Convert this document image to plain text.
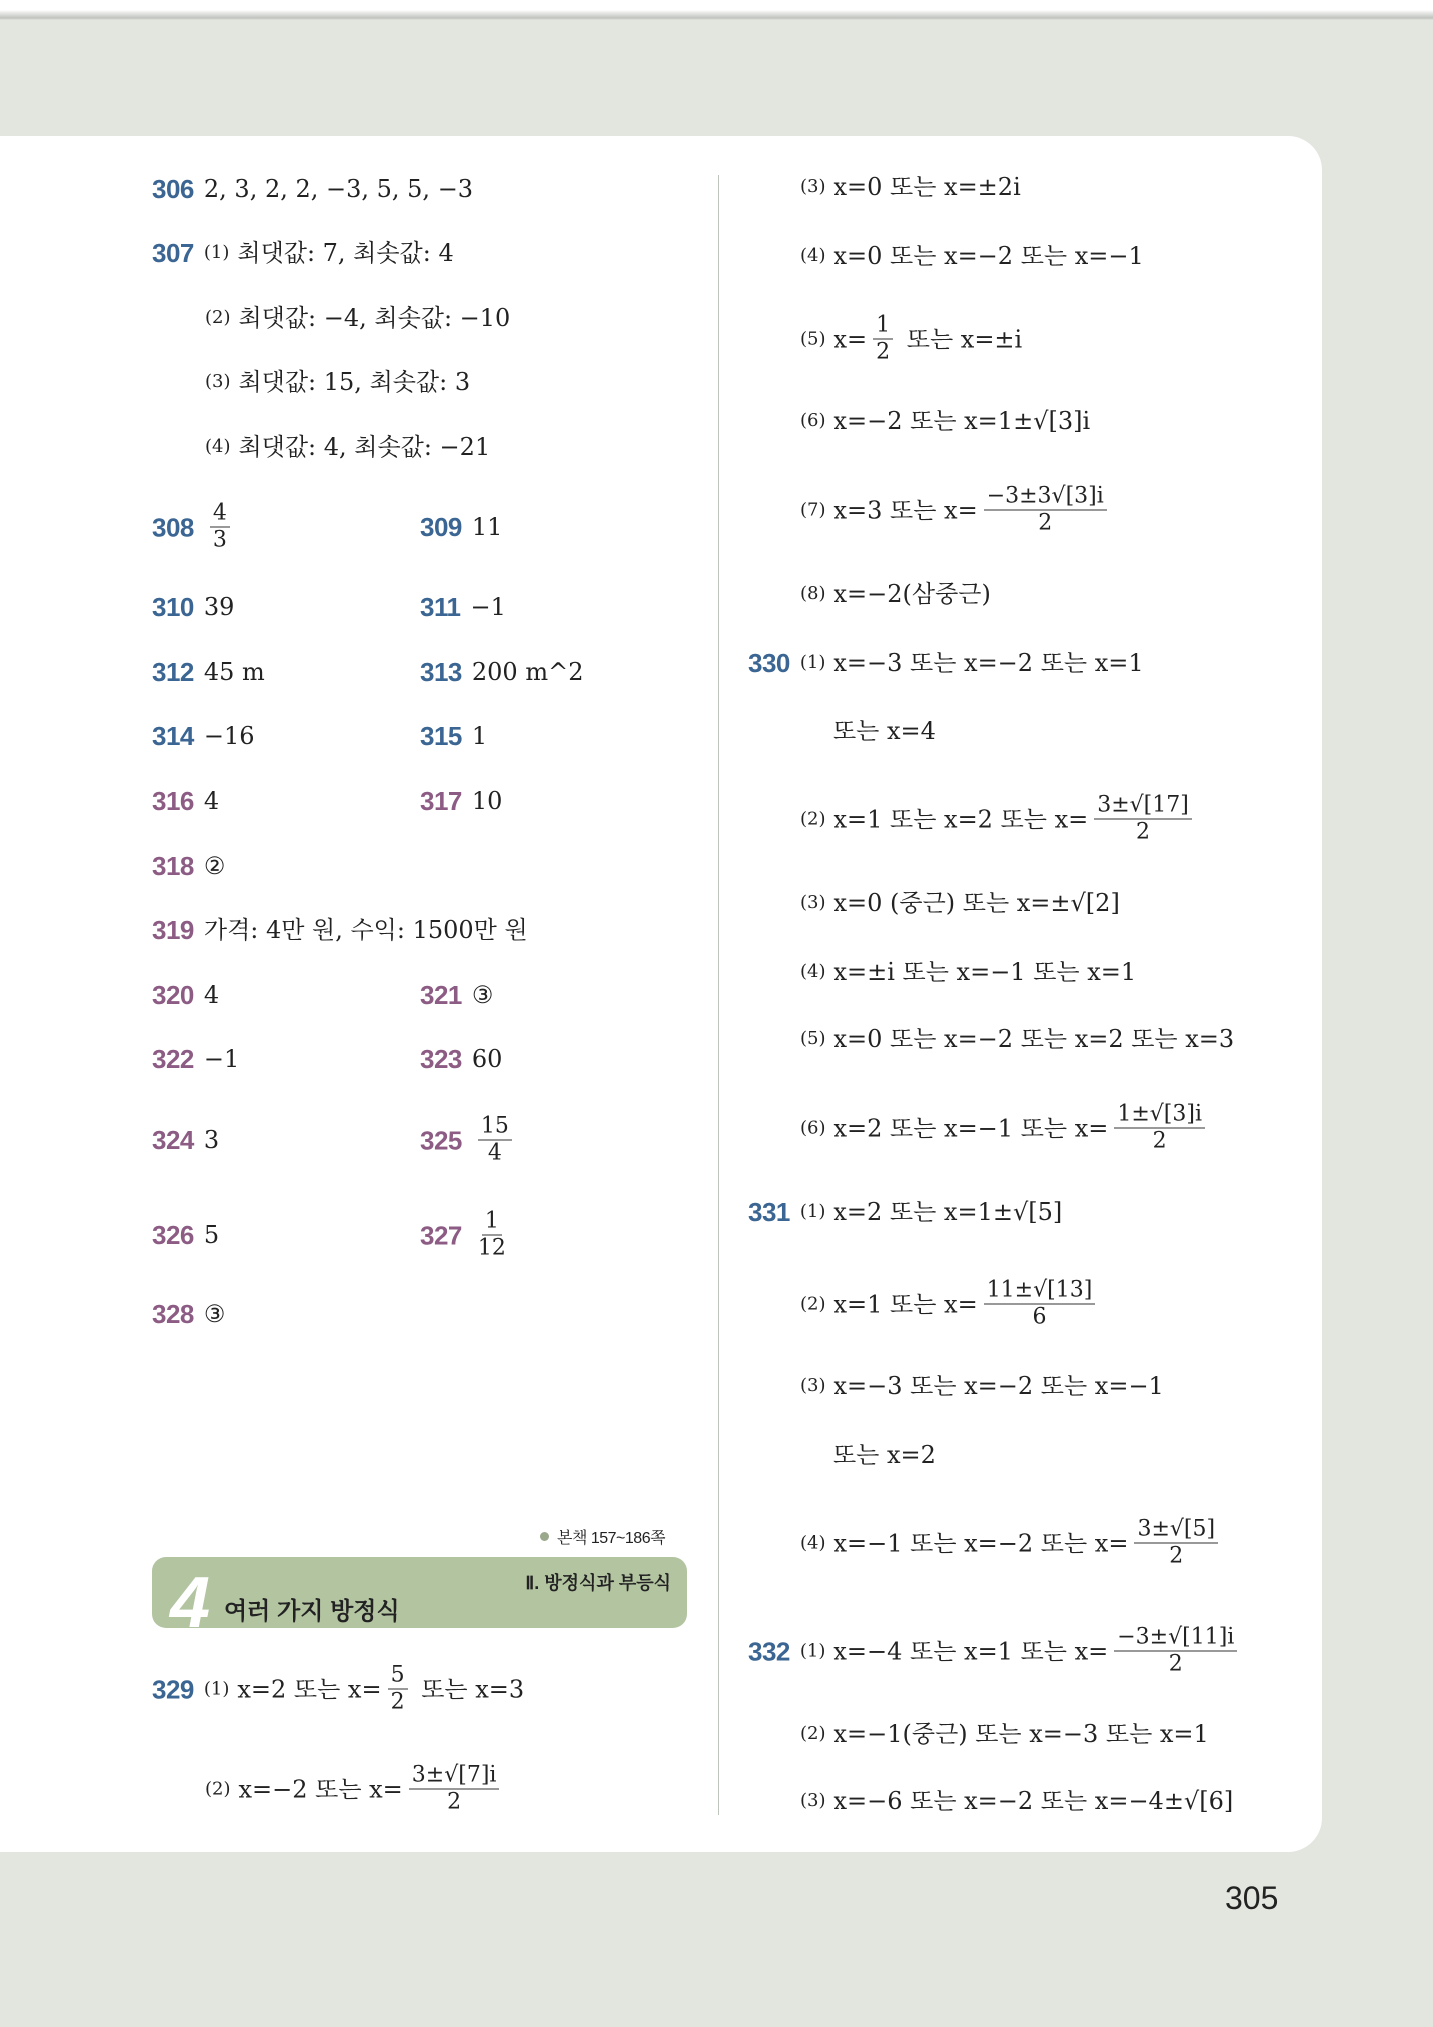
306 2, 3, 2, 2, −3, 5, 5, −3
307 (1) 최댓값: 7, 최솟값: 4
(2) 최댓값: −4, 최솟값: −10
(3) 최댓값: 15, 최솟값: 3
(4) 최댓값: 4, 최솟값: −21
$308 \frac{4}{3}$	309 11
310 39	311 −1
312 45 m	313 200 m^2
314 −16	315 1
316 4	317 10
318 ②
319 가격: 4만 원, 수익: 1500만 원
320 4	321 ③
322 −1	323 60
324 3	$325 \frac{15}{4}$
326 5	$327 \frac{1}{12}$
328 ③
본책 157~186쪽
4 여러 가지 방정식
Ⅱ. 방정식과 부등식
329 (1) x=2 또는 $x= \frac{5}{2}$ 또는 x=3
(2) x=−2 또는 $x= \frac{3\pm√[7]i}{2}$
(3) x=0 또는 x=±2i
(4) x=0 또는 x=−2 또는 x=−1
(5) $x= \frac{1}{2}$ 또는 x=±i
(6) x=−2 또는 x=1±√[3]i
(7) x=3 또는 $x= \frac{-3\pm 3√[3]i}{2}$
(8) x=−2(삼중근)
330 (1) x=−3 또는 x=−2 또는 x=1
또는 x=4
(2) x=1 또는 x=2 또는 $x= \frac{3\pm√[17]}{2}$
(3) x=0 (중근) 또는 x=±√[2]
(4) x=±i 또는 x=−1 또는 x=1
(5) x=0 또는 x=−2 또는 x=2 또는 x=3
(6) x=2 또는 x=−1 또는 $x= \frac{1\pm√[3]i}{2}$
331 (1) x=2 또는 x=1±√[5]
(2) x=1 또는 $x= \frac{11\pm√[13]}{6}$
(3) x=−3 또는 x=−2 또는 x=−1
또는 x=2
(4) x=−1 또는 x=−2 또는 $x= \frac{3\pm√[5]}{2}$
332 (1) x=−4 또는 x=1 또는 $x= \frac{-3\pm√[11]i}{2}$
(2) x=−1(중근) 또는 x=−3 또는 x=1
(3) x=−6 또는 x=−2 또는 x=−4±√[6]
305
